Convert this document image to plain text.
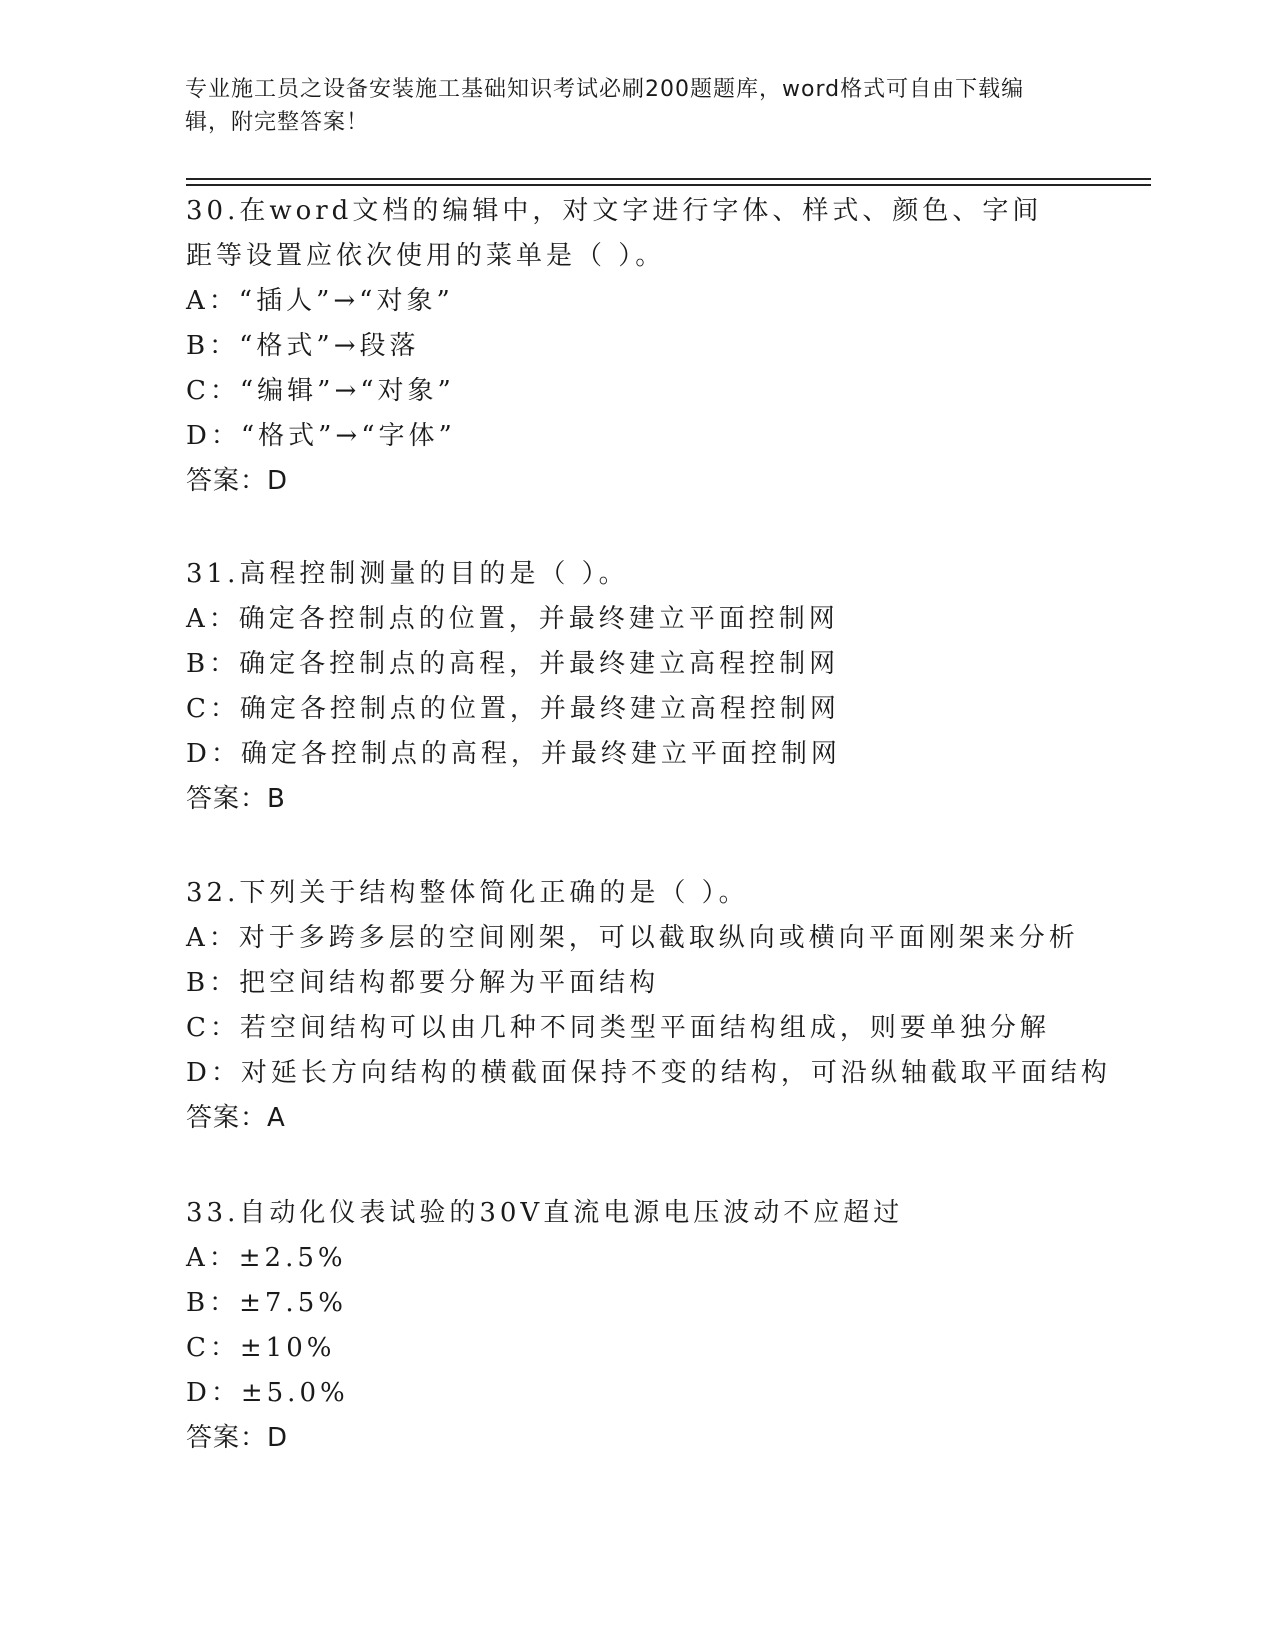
专业施工员之设备安装施工基础知识考试必刷200题题库，word格式可自由下载编辑，附完整答案！
30.在word文档的编辑中，对文字进行字体、样式、颜色、字间距等设置应依次使用的菜单是（ ）。
A：“插人”→“对象”
B：“格式”→段落
C：“编辑”→“对象”
D：“格式”→“字体”
答案：D
31.高程控制测量的目的是（ ）。
A：确定各控制点的位置，并最终建立平面控制网
B：确定各控制点的高程，并最终建立高程控制网
C：确定各控制点的位置，并最终建立高程控制网
D：确定各控制点的高程，并最终建立平面控制网
答案：B
32.下列关于结构整体简化正确的是（ ）。
A：对于多跨多层的空间刚架，可以截取纵向或横向平面刚架来分析
B：把空间结构都要分解为平面结构
C：若空间结构可以由几种不同类型平面结构组成，则要单独分解
D：对延长方向结构的横截面保持不变的结构，可沿纵轴截取平面结构
答案：A
33.自动化仪表试验的30V直流电源电压波动不应超过
A：±2.5%
B：±7.5%
C：±10%
D：±5.0%
答案：D
